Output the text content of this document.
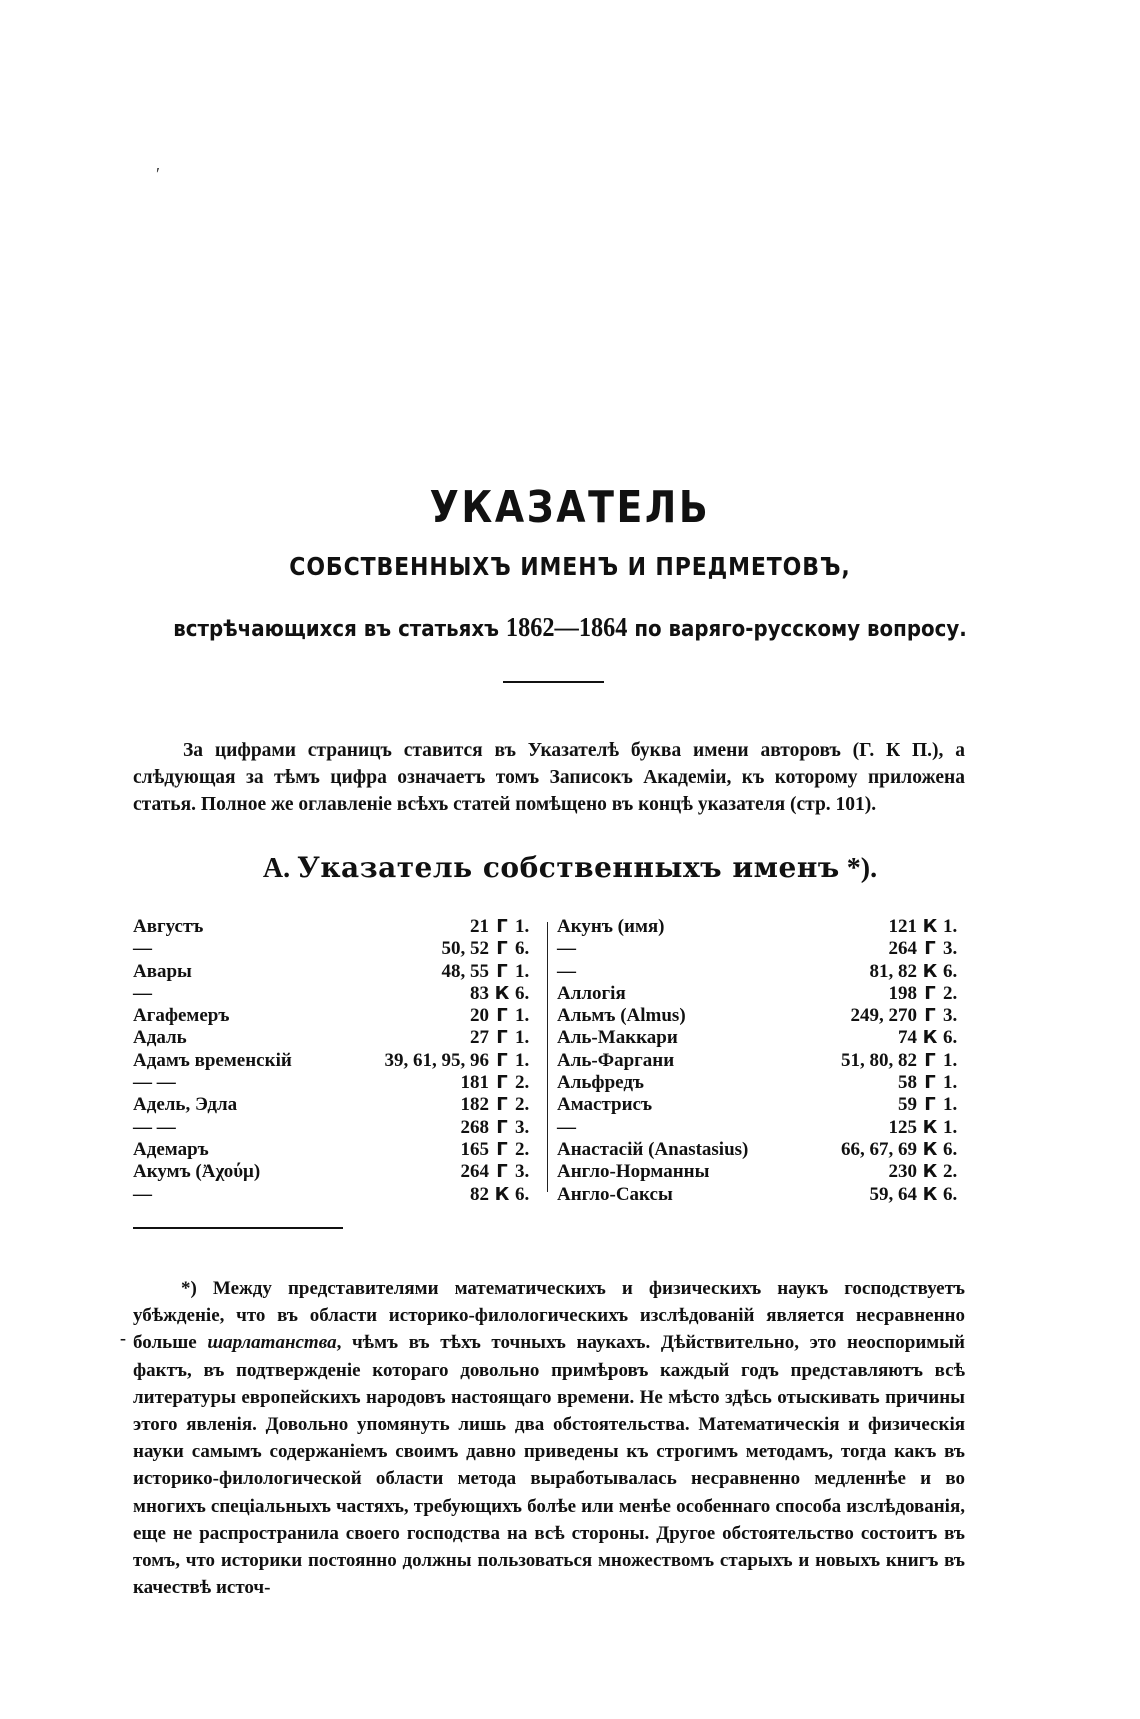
′
УКАЗАТЕЛЬ
СОБСТВЕННЫХЪ ИМЕНЪ И ПРЕДМЕТОВЪ,
встрѣчающихся въ статьяхъ 1862—1864 по варяго-русскому вопросу.

За цифрами страницъ ставится въ Указателѣ буква имени авторовъ (Г. К П.), а слѣдующая за тѣмъ цифра означаетъ томъ Записокъ Академіи, къ которому приложена статья. Полное же оглавленіе всѣхъ статей помѣщено въ концѣ указателя (стр. 101).

А. Указатель собственныхъ именъ *).
Августъ	21 Г 1.
—	50, 52 Г 6.
Авары	48, 55 Г 1.
—	83 К 6.
Агафемеръ	20 Г 1.
Адаль	27 Г 1.
Адамъ временскій	39, 61, 95, 96 Г 1.
— —	181 Г 2.
Адель, Эдла	182 Г 2.
— —	268 Г 3.
Адемаръ	165 Г 2.
Акумъ (Ἀχούμ)	264 Г 3.
—	82 К 6.
Акунъ (имя)	121 К 1.
—	264 Г 3.
—	81, 82 К 6.
Аллогія	198 Г 2.
Альмъ (Almus)	249, 270 Г 3.
Аль-Маккари	74 К 6.
Аль-Фаргани	51, 80, 82 Г 1.
Альфредъ	58 Г 1.
Амастрисъ	59 Г 1.
—	125 К 1.
Анастасій (Anastasius)	66, 67, 69 К 6.
Англо-Норманны	230 К 2.
Англо-Саксы	59, 64 К 6.
-

*) Между представителями математическихъ и физическихъ наукъ господствуетъ убѣжденіе, что въ области историко-филологическихъ изслѣдованій является несравненно больше шарлатанства, чѣмъ въ тѣхъ точныхъ наукахъ. Дѣйствительно, это неоспоримый фактъ, въ подтвержденіе котораго довольно примѣровъ каждый годъ представляютъ всѣ литературы европейскихъ народовъ настоящаго времени. Не мѣсто здѣсь отыскивать причины этого явленія. Довольно упомянуть лишь два обстоятельства. Математическія и физическія науки самымъ содержаніемъ своимъ давно приведены къ строгимъ методамъ, тогда какъ въ историко-филологической области метода выработывалась несравненно медленнѣе и во многихъ спеціальныхъ частяхъ, требующихъ болѣе или менѣе особеннаго способа изслѣдованія, еще не распространила своего господства на всѣ стороны. Другое обстоятельство состоитъ въ томъ, что историки постоянно должны пользоваться множествомъ старыхъ и новыхъ книгъ въ качествѣ источ-
